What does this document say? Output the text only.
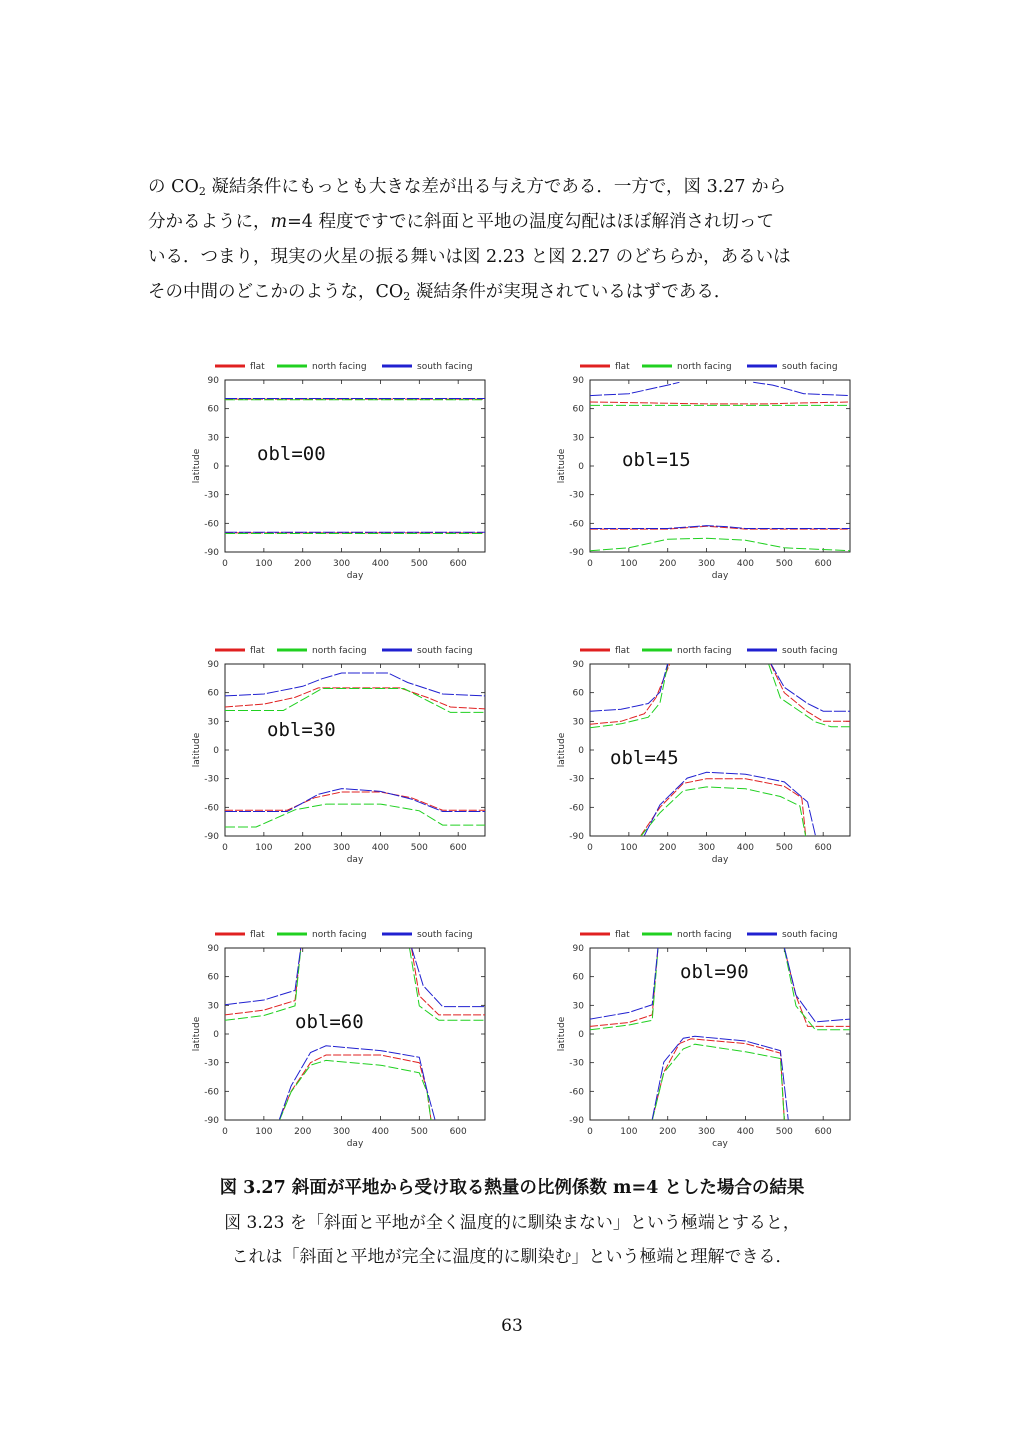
の $CO_2$ 凝結条件にもっとも大きな差が出る与え方である．一方で，図 3.27 から
分かるように，m=4 程度ですでに斜面と平地の温度勾配はほぼ解消され切って
いる．つまり，現実の火星の振る舞いは図 2.23 と図 2.27 のどちらか，あるいは
その中間のどこかのような，$CO_2$ 凝結条件が実現されているはずである．
flat	north facing	south facing
90
60
30
0
-30
-60
-90
0	100 200 300 400 500 600
day
latitude	obl=00
flat	north facing	south facing
90
60
30
0
-30
-60
-90
0	100 200 300 400 500 600
day
latitude	obl=15
flat	north facing	south facing
90
60
30
0
-30
-60
-90
0	100 200 300 400 500 600
day
latitude
obl=30
flat	north facing	south facing
90
60
30
0
-30
-60
-90
0	100 200 300 400 500 600
day
latitude obl=45
flat	north facing	south facing
90
60
30
0
-30
-60
-90
0	100 200 300 400 500 600
day
latitude	obl=60
flat	north facing	south facing
90
60
30
0
-30
-60
-90
0	100 200 300 400 500 600
cay
latitude
obl=90
図 3.27 斜面が平地から受け取る熱量の比例係数 m=4 とした場合の結果
図 3.23 を「斜面と平地が全く温度的に馴染まない」という極端とすると，
これは「斜面と平地が完全に温度的に馴染む」という極端と理解できる．
63
